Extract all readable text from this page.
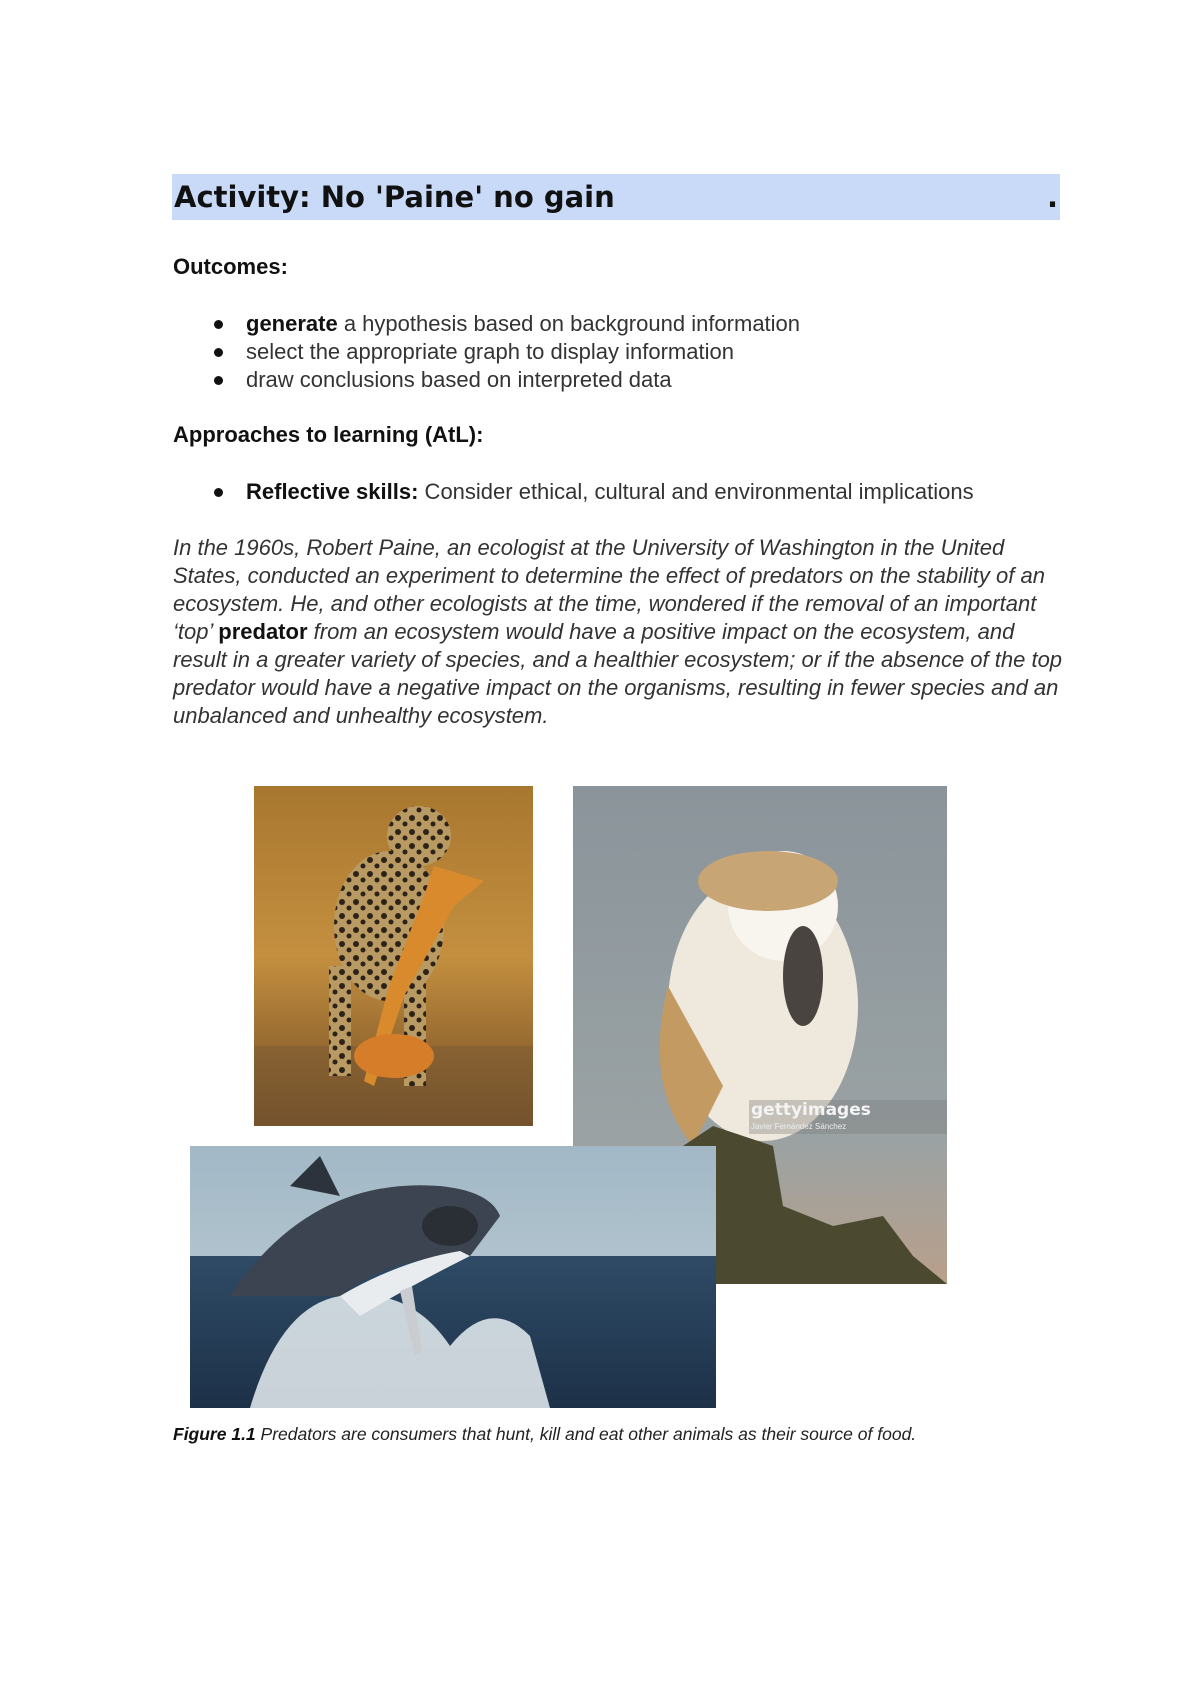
Activity: No 'Paine' no gain	.
Outcomes:
generate a hypothesis based on background information
select the appropriate graph to display information
draw conclusions based on interpreted data
Approaches to learning (AtL):
Reflective skills: Consider ethical, cultural and environmental implications
In the 1960s, Robert Paine, an ecologist at the University of Washington in the United States, conducted an experiment to determine the effect of predators on the stability of an ecosystem. He, and other ecologists at the time, wondered if the removal of an important ‘top’ predator from an ecosystem would have a positive impact on the ecosystem, and result in a greater variety of species, and a healthier ecosystem; or if the absence of the top predator would have a negative impact on the organisms, resulting in fewer species and an unbalanced and unhealthy ecosystem.
gettyimages
Javier Fernández Sánchez
Figure 1.1 Predators are consumers that hunt, kill and eat other animals as their source of food.
